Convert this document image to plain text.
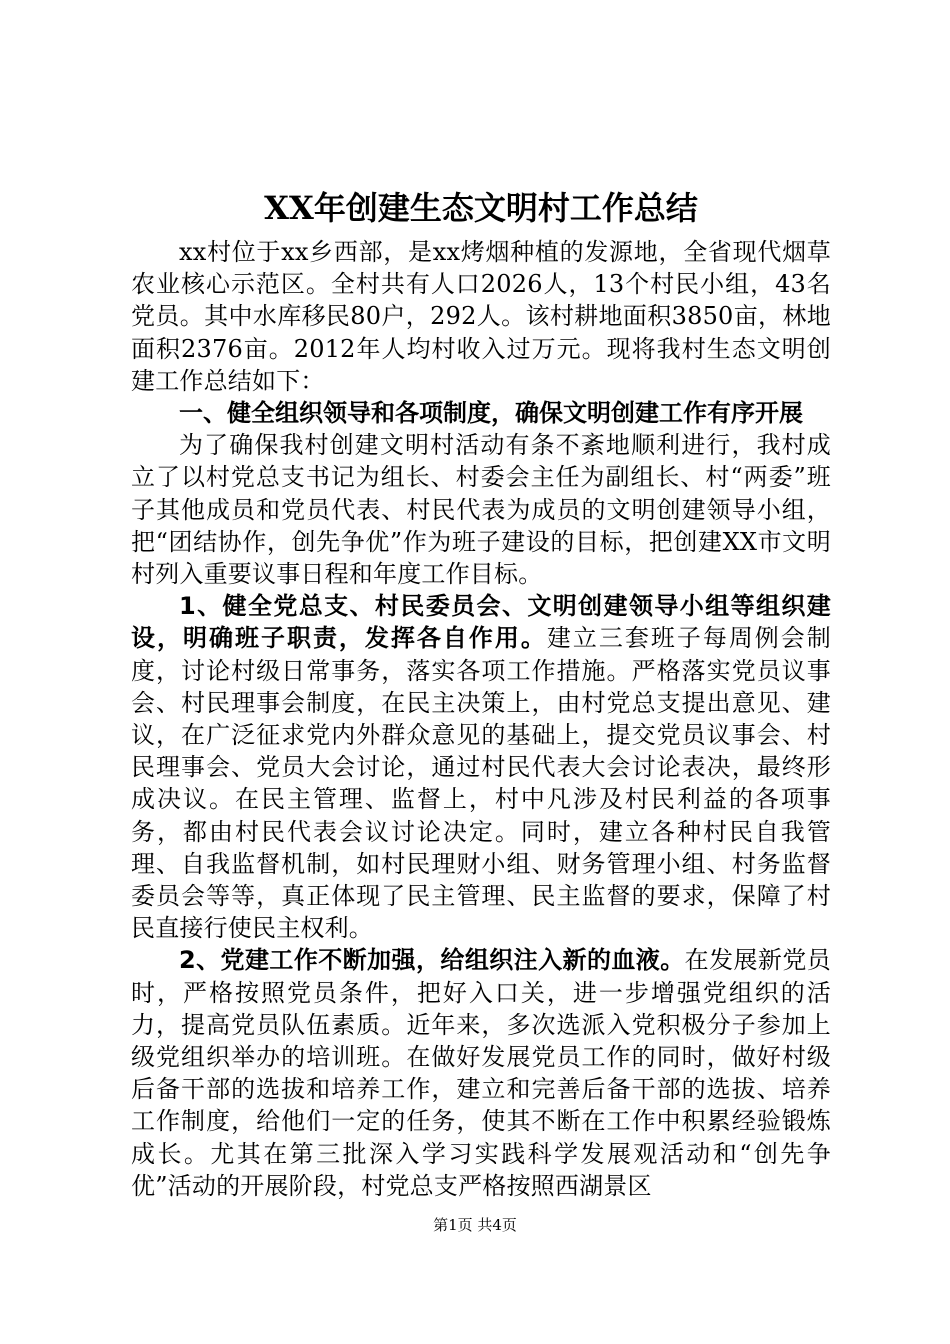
XX年创建生态文明村工作总结

xx村位于xx乡西部，是xx烤烟种植的发源地，全省现代烟草农业核心示范区。全村共有人口2026人，13个村民小组，43名党员。其中水库移民80户，292人。该村耕地面积3850亩，林地面积2376亩。2012年人均村收入过万元。现将我村生态文明创建工作总结如下：

一、健全组织领导和各项制度，确保文明创建工作有序开展

为了确保我村创建文明村活动有条不紊地顺利进行，我村成立了以村党总支书记为组长、村委会主任为副组长、村“两委”班子其他成员和党员代表、村民代表为成员的文明创建领导小组，把“团结协作，创先争优”作为班子建设的目标，把创建XX市文明村列入重要议事日程和年度工作目标。

1、健全党总支、村民委员会、文明创建领导小组等组织建设，明确班子职责，发挥各自作用。建立三套班子每周例会制度，讨论村级日常事务，落实各项工作措施。严格落实党员议事会、村民理事会制度，在民主决策上，由村党总支提出意见、建议，在广泛征求党内外群众意见的基础上，提交党员议事会、村民理事会、党员大会讨论，通过村民代表大会讨论表决，最终形成决议。在民主管理、监督上，村中凡涉及村民利益的各项事务，都由村民代表会议讨论决定。同时，建立各种村民自我管理、自我监督机制，如村民理财小组、财务管理小组、村务监督委员会等等，真正体现了民主管理、民主监督的要求，保障了村民直接行使民主权利。

2、党建工作不断加强，给组织注入新的血液。在发展新党员时，严格按照党员条件，把好入口关，进一步增强党组织的活力，提高党员队伍素质。近年来，多次选派入党积极分子参加上级党组织举办的培训班。在做好发展党员工作的同时，做好村级后备干部的选拔和培养工作，建立和完善后备干部的选拔、培养工作制度，给他们一定的任务，使其不断在工作中积累经验锻炼成长。尤其在第三批深入学习实践科学发展观活动和“创先争优”活动的开展阶段，村党总支严格按照西湖景区

第1页 共4页
